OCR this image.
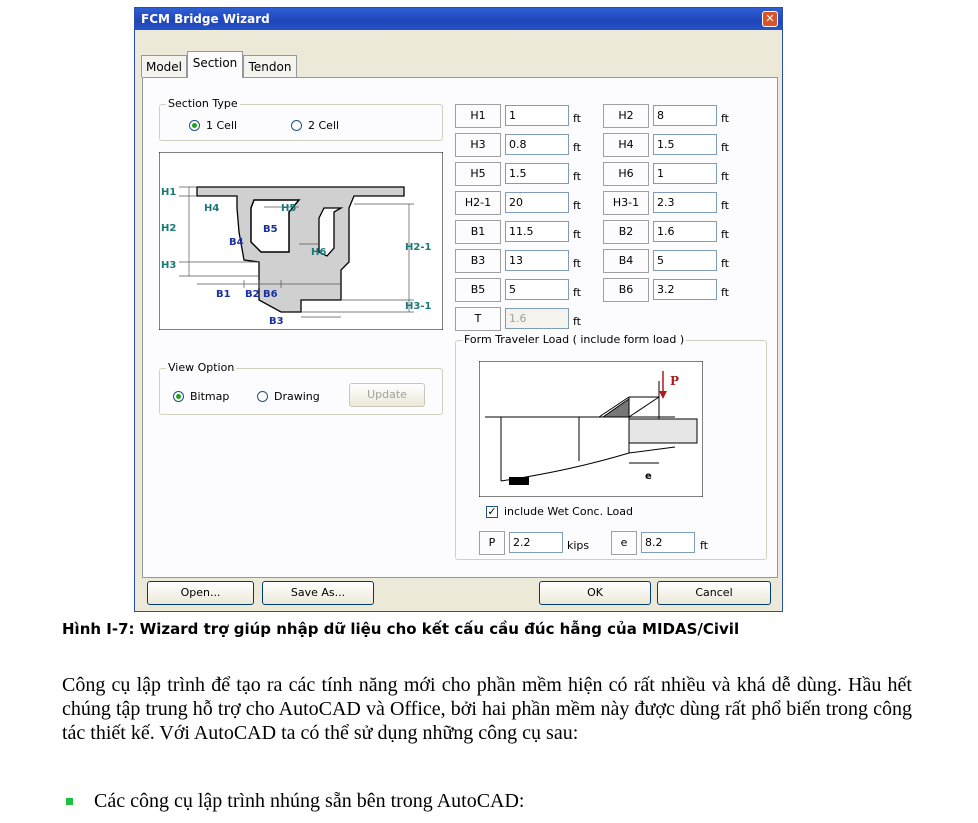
FCM Bridge Wizard	✕
Model Section Tendon
Section Type
1 Cell	2 Cell
H1
H2
H3
H4	H5
H6	H2-1
H3-1
B1 B2
B3
B4
B5
B6
View Option
Bitmap	Drawing	Update
H1	1	ft	H2	8	ft
H3	0.8	ft	H4	1.5	ft
H5	1.5	ft	H6	1	ft
H2-1	20	ft	H3-1	2.3	ft
B1	11.5	ft	B2	1.6	ft
B3	13	ft	B4	5	ft
B5	5	ft	B6	3.2	ft
T	1.6	ft
Form Traveler Load ( include form load )
P
e
✓ include Wet Conc. Load
P	2.2	kips	e	8.2	ft
Open...	Save As...	OK	Cancel
Hình I-7: Wizard trợ giúp nhập dữ liệu cho kết cấu cầu đúc hẫng của MIDAS/Civil
Công cụ lập trình để tạo ra các tính năng mới cho phần mềm hiện có rất nhiều và khá dễ dùng. Hầu hết chúng tập trung hỗ trợ cho AutoCAD và Office, bởi hai phần mềm này được dùng rất phổ biến trong công tác thiết kế. Với AutoCAD ta có thể sử dụng những công cụ sau:
Các công cụ lập trình nhúng sẵn bên trong AutoCAD:
